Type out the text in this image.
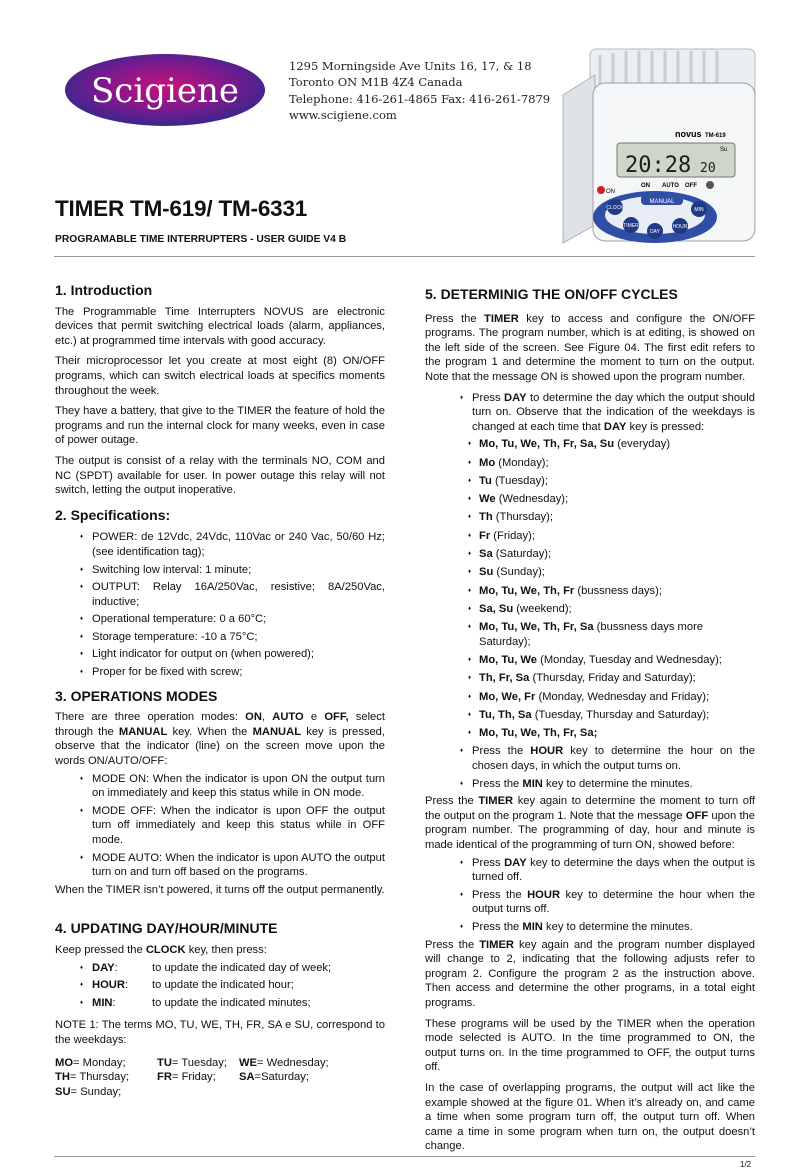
Scigiene
1295 Morningside Ave Units 16, 17, & 18
Toronto ON M1B 4Z4 Canada
Telephone: 416-261-4865 Fax: 416-261-7879
www.scigiene.com
novus TM-619
Su
20:28 20
ON AUTO OFF
ON
MANUAL
CLOCK
TIMER
DAY
HOUR
MIN
TIMER TM-619/ TM-6331
PROGRAMABLE TIME INTERRUPTERS - USER GUIDE V4 B
1. Introduction

The Programmable Time Interrupters NOVUS are electronic devices that permit switching electrical loads (alarm, appliances, etc.) at programmed time intervals with good accuracy.

Their microprocessor let you create at most eight (8) ON/OFF programs, which can switch electrical loads at specifics moments throughout the week.

They have a battery, that give to the TIMER the feature of hold the programs and run the internal clock for many weeks, even in case of power outage.

The output is consist of a relay with the terminals NO, COM and NC (SPDT) available for user. In power outage this relay will not switch, letting the output inoperative.

2. Specifications:
♦ POWER: de 12Vdc, 24Vdc, 110Vac or 240 Vac, 50/60 Hz; (see identification tag);
♦ Switching low interval: 1 minute;
♦ OUTPUT: Relay 16A/250Vac, resistive; 8A/250Vac, inductive;
♦ Operational temperature: 0 a 60°C;
♦ Storage temperature: -10 a 75°C;
♦ Light indicator for output on (when powered);
♦ Proper for be fixed with screw;
3. OPERATIONS MODES

There are three operation modes: ON, AUTO e OFF, select through the MANUAL key. When the MANUAL key is pressed, observe that the indicator (line) on the screen move upon the words ON/AUTO/OFF:

♦ MODE ON: When the indicator is upon ON the output turn on immediately and keep this status while in ON mode.
♦ MODE OFF: When the indicator is upon OFF the output turn off immediately and keep this status while in OFF mode.
♦ MODE AUTO: When the indicator is upon AUTO the output turn on and turn off based on the programs.

When the TIMER isn’t powered, it turns off the output permanently.

4. UPDATING DAY/HOUR/MINUTE

Keep pressed the CLOCK key, then press:

♦ DAY:	to update the indicated day of week;
♦ HOUR:	to update the indicated hour;
♦ MIN:	to update the indicated minutes;

NOTE 1: The terms MO, TU, WE, TH, FR, SA e SU, correspond to the weekdays:

MO= Monday;	TU= Tuesday;	WE= Wednesday;
TH= Thursday;	FR= Friday;	SA=Saturday;
SU= Sunday;
5. DETERMINIG THE ON/OFF CYCLES

Press the TIMER key to access and configure the ON/OFF programs. The program number, which is at editing, is showed on the left side of the screen. See Figure 04. The first edit refers to the program 1 and determine the moment to turn on the output. Note that the message ON is showed upon the program number.

♦ Press DAY to determine the day which the output should turn on. Observe that the indication of the weekdays is changed at each time that DAY key is pressed:
♦ Mo, Tu, We, Th, Fr, Sa, Su (everyday)
♦ Mo (Monday);
♦ Tu (Tuesday);
♦ We (Wednesday);
♦ Th (Thursday);
♦ Fr (Friday);
♦ Sa (Saturday);
♦ Su (Sunday);
♦ Mo, Tu, We, Th, Fr (bussness days);
♦ Sa, Su (weekend);
♦ Mo, Tu, We, Th, Fr, Sa (bussness days more Saturday);
♦ Mo, Tu, We (Monday, Tuesday and Wednesday);
♦ Th, Fr, Sa (Thursday, Friday and Saturday);
♦ Mo, We, Fr (Monday, Wednesday and Friday);
♦ Tu, Th, Sa (Tuesday, Thursday and Saturday);
♦ Mo, Tu, We, Th, Fr, Sa;
♦ Press the HOUR key to determine the hour on the chosen days, in which the output turns on.
♦ Press the MIN key to determine the minutes.

Press the TIMER key again to determine the moment to turn off the output on the program 1. Note that the message OFF upon the program number. The programming of day, hour and minute is made identical of the programming of turn ON, showed before:

♦ Press DAY key to determine the days when the output is turned off.
♦ Press the HOUR key to determine the hour when the output turns off.
♦ Press the MIN key to determine the minutes.

Press the TIMER key again and the program number displayed will change to 2, indicating that the following adjusts refer to program 2. Configure the program 2 as the instruction above. Then access and determine the other programs, in a total eight programs.

These programs will be used by the TIMER when the operation mode selected is AUTO. In the time programmed to ON, the output turns on. In the time programmed to OFF, the output turns off.

In the case of overlapping programs, the output will act like the example showed at the figure 01. When it’s already on, and came a time when some program turn off, the output turn off. When came a time in some program when turn on, the output doesn’t change.

1/2
